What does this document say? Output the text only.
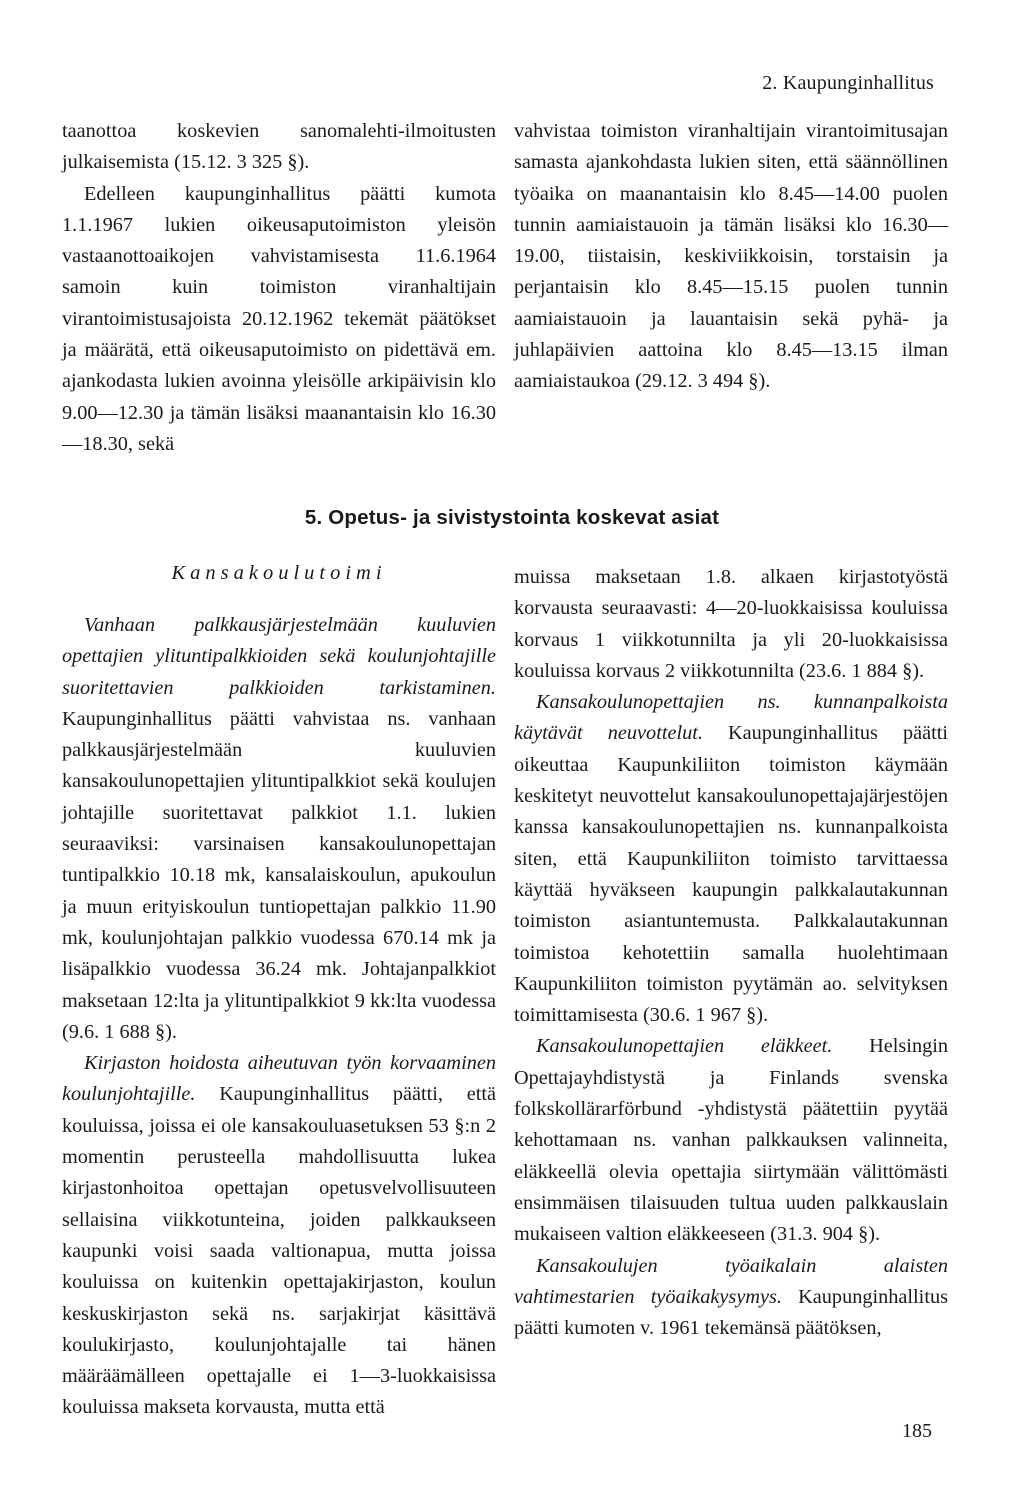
2. Kaupunginhallitus

taanottoa koskevien sanomalehti-ilmoitusten julkaisemista (15.12. 3 325 §).

Edelleen kaupunginhallitus päätti kumota 1.1.1967 lukien oikeusaputoimiston yleisön vastaanottoaikojen vahvistamisesta 11.6.1964 samoin kuin toimiston viranhaltijain virantoimistusajoista 20.12.1962 tekemät päätökset ja määrätä, että oikeusaputoimisto on pidettävä em. ajankodasta lukien avoinna yleisölle arkipäivisin klo 9.00—12.30 ja tämän lisäksi maanantaisin klo 16.30—18.30, sekä

vahvistaa toimiston viranhaltijain virantoimitusajan samasta ajankohdasta lukien siten, että säännöllinen työaika on maanantaisin klo 8.45—14.00 puolen tunnin aamiaistauoin ja tämän lisäksi klo 16.30—19.00, tiistaisin, keskiviikkoisin, torstaisin ja perjantaisin klo 8.45—15.15 puolen tunnin aamiaistauoin ja lauantaisin sekä pyhä- ja juhlapäivien aattoina klo 8.45—13.15 ilman aamiaistaukoa (29.12. 3 494 §).

5. Opetus- ja sivistystointa koskevat asiat
Kansakoulutoimi

Vanhaan palkkausjärjestelmään kuuluvien opettajien ylituntipalkkioiden sekä koulunjohtajille suoritettavien palkkioiden tarkistaminen. Kaupunginhallitus päätti vahvistaa ns. vanhaan palkkausjärjestelmään kuuluvien kansakoulunopettajien ylituntipalkkiot sekä koulujen johtajille suoritettavat palkkiot 1.1. lukien seuraaviksi: varsinaisen kansakoulunopettajan tuntipalkkio 10.18 mk, kansalaiskoulun, apukoulun ja muun erityiskoulun tuntiopettajan palkkio 11.90 mk, koulunjohtajan palkkio vuodessa 670.14 mk ja lisäpalkkio vuodessa 36.24 mk. Johtajanpalkkiot maksetaan 12:lta ja ylituntipalkkiot 9 kk:lta vuodessa (9.6. 1 688 §).

Kirjaston hoidosta aiheutuvan työn korvaaminen koulunjohtajille. Kaupunginhallitus päätti, että kouluissa, joissa ei ole kansakouluasetuksen 53 §:n 2 momentin perusteella mahdollisuutta lukea kirjastonhoitoa opettajan opetusvelvollisuuteen sellaisina viikkotunteina, joiden palkkaukseen kaupunki voisi saada valtionapua, mutta joissa kouluissa on kuitenkin opettajakirjaston, koulun keskuskirjaston sekä ns. sarjakirjat käsittävä koulukirjasto, koulunjohtajalle tai hänen määräämälleen opettajalle ei 1—3-luokkaisissa kouluissa makseta korvausta, mutta että

muissa maksetaan 1.8. alkaen kirjastotyöstä korvausta seuraavasti: 4—20-luokkaisissa kouluissa korvaus 1 viikkotunnilta ja yli 20-luokkaisissa kouluissa korvaus 2 viikkotunnilta (23.6. 1 884 §).

Kansakoulunopettajien ns. kunnanpalkoista käytävät neuvottelut. Kaupunginhallitus päätti oikeuttaa Kaupunkiliiton toimiston käymään keskitetyt neuvottelut kansakoulunopettajajärjestöjen kanssa kansakoulunopettajien ns. kunnanpalkoista siten, että Kaupunkiliiton toimisto tarvittaessa käyttää hyväkseen kaupungin palkkalautakunnan toimiston asiantuntemusta. Palkkalautakunnan toimistoa kehotettiin samalla huolehtimaan Kaupunkiliiton toimiston pyytämän ao. selvityksen toimittamisesta (30.6. 1 967 §).

Kansakoulunopettajien eläkkeet. Helsingin Opettajayhdistystä ja Finlands svenska folkskollärarförbund -yhdistystä päätettiin pyytää kehottamaan ns. vanhan palkkauksen valinneita, eläkkeellä olevia opettajia siirtymään välittömästi ensimmäisen tilaisuuden tultua uuden palkkauslain mukaiseen valtion eläkkeeseen (31.3. 904 §).

Kansakoulujen työaikalain alaisten vahtimestarien työaikakysymys. Kaupunginhallitus päätti kumoten v. 1961 tekemänsä päätöksen,

185
